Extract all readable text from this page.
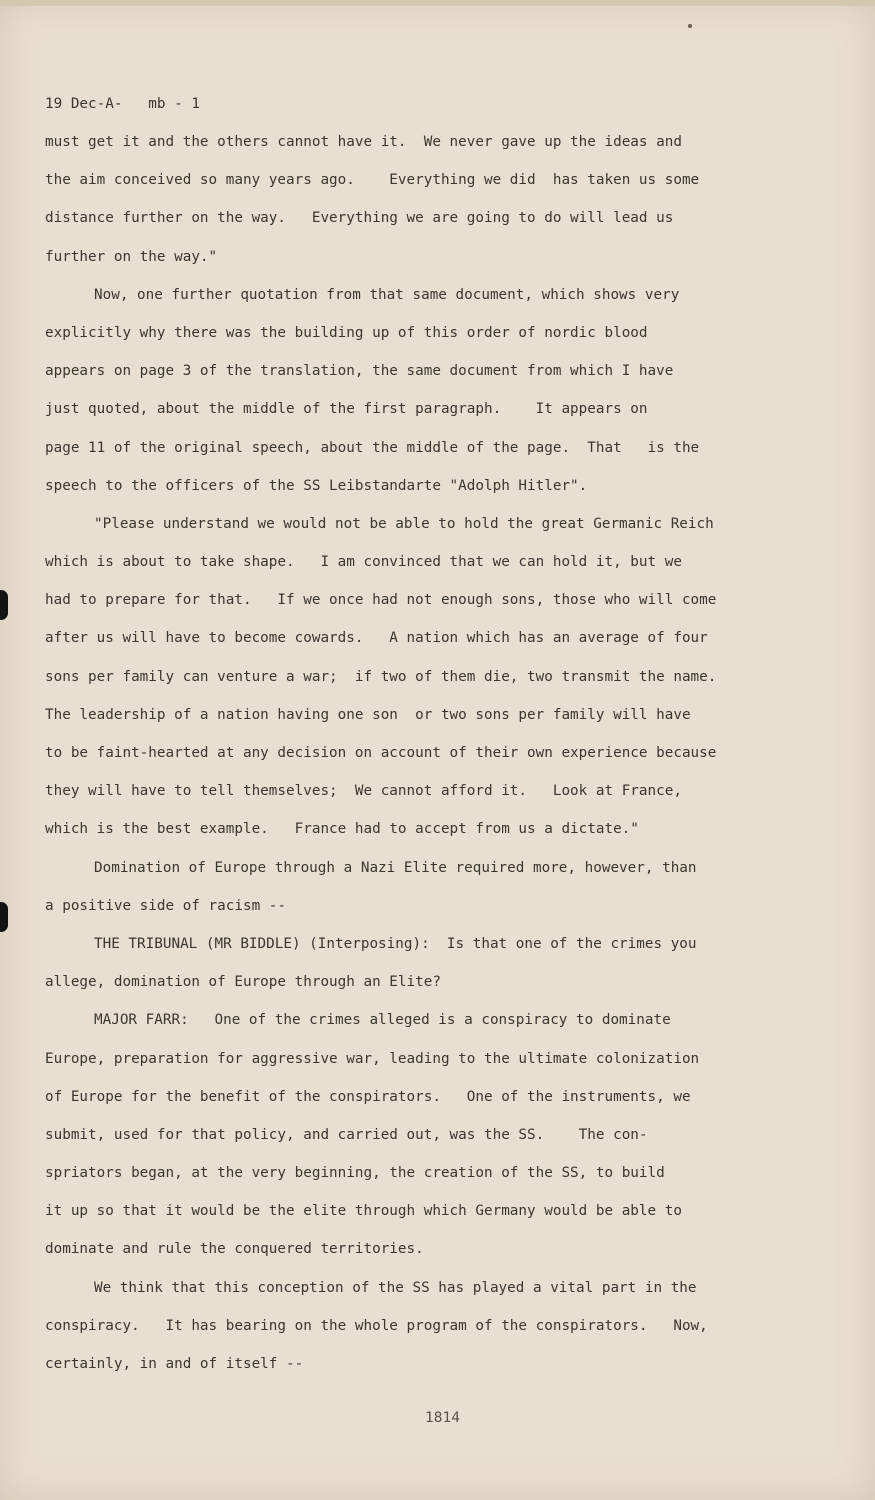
19 Dec-A-   mb - 1
must get it and the others cannot have it.  We never gave up the ideas and
the aim conceived so many years ago.    Everything we did  has taken us some
distance further on the way.   Everything we are going to do will lead us
further on the way."
Now, one further quotation from that same document, which shows very
explicitly why there was the building up of this order of nordic blood
appears on page 3 of the translation, the same document from which I have
just quoted, about the middle of the first paragraph.    It appears on
page 11 of the original speech, about the middle of the page.  That   is the
speech to the officers of the SS Leibstandarte "Adolph Hitler".
"Please understand we would not be able to hold the great Germanic Reich
which is about to take shape.   I am convinced that we can hold it, but we
had to prepare for that.   If we once had not enough sons, those who will come
after us will have to become cowards.   A nation which has an average of four
sons per family can venture a war;  if two of them die, two transmit the name.
The leadership of a nation having one son  or two sons per family will have
to be faint-hearted at any decision on account of their own experience because
they will have to tell themselves;  We cannot afford it.   Look at France,
which is the best example.   France had to accept from us a dictate."
Domination of Europe through a Nazi Elite required more, however, than
a positive side of racism --
THE TRIBUNAL (MR BIDDLE) (Interposing):  Is that one of the crimes you
allege, domination of Europe through an Elite?
MAJOR FARR:   One of the crimes alleged is a conspiracy to dominate
Europe, preparation for aggressive war, leading to the ultimate colonization
of Europe for the benefit of the conspirators.   One of the instruments, we
submit, used for that policy, and carried out, was the SS.    The con-
spriators began, at the very beginning, the creation of the SS, to build
it up so that it would be the elite through which Germany would be able to
dominate and rule the conquered territories.
We think that this conception of the SS has played a vital part in the
conspiracy.   It has bearing on the whole program of the conspirators.   Now,
certainly, in and of itself --
1814
